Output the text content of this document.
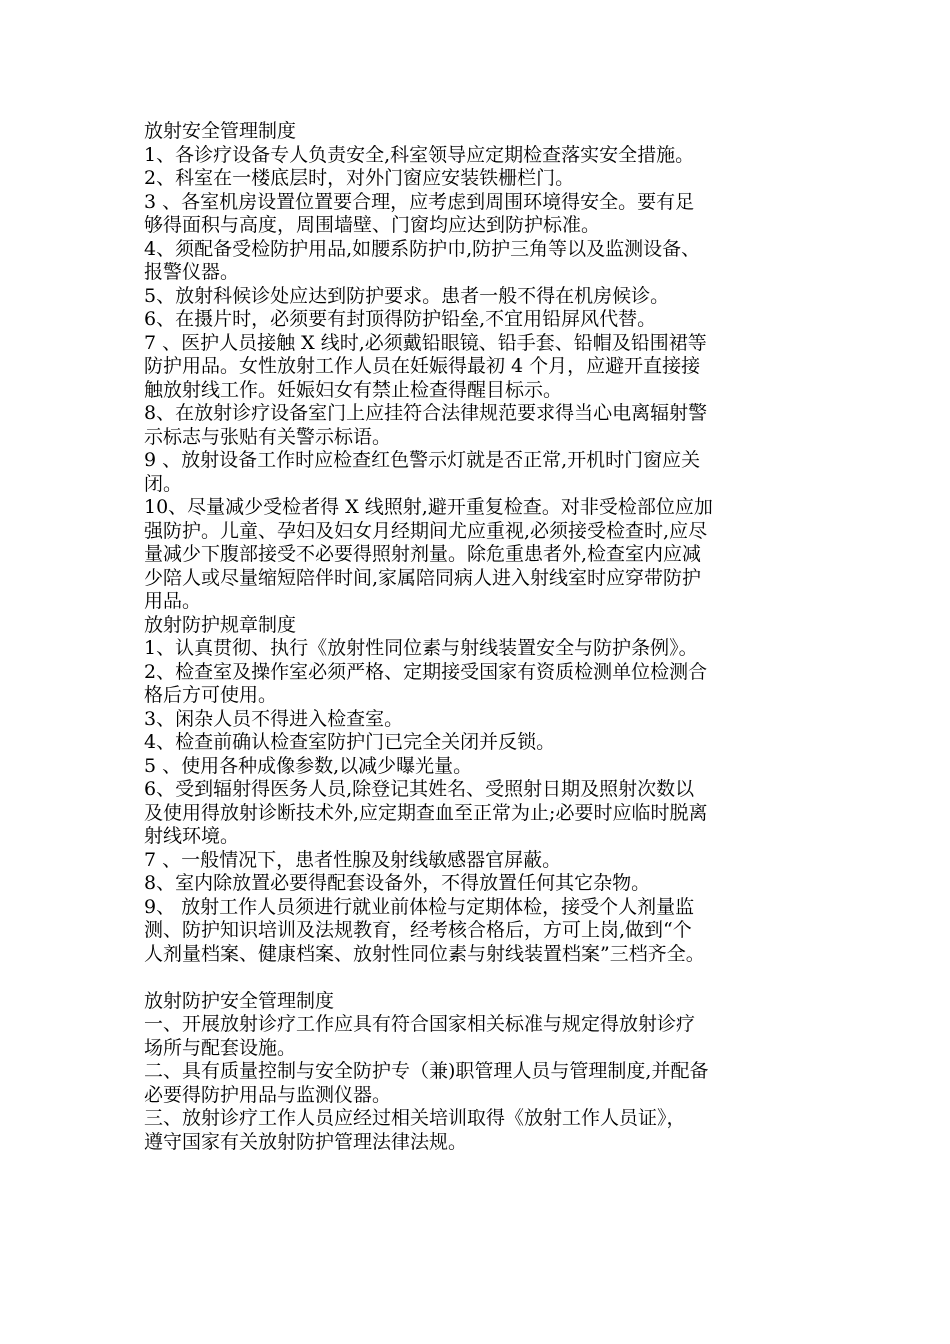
放射安全管理制度
1、各诊疗设备专人负责安全,科室领导应定期检查落实安全措施。
2、科室在一楼底层时，对外门窗应安装铁栅栏门。
3 、各室机房设置位置要合理，应考虑到周围环境得安全。要有足
够得面积与高度，周围墙壁、门窗均应达到防护标准。
4、须配备受检防护用品,如腰系防护巾,防护三角等以及监测设备、
报警仪器。
5、放射科候诊处应达到防护要求。患者一般不得在机房候诊。
6、在摄片时，必须要有封顶得防护铅垒,不宜用铅屏风代替。
7 、医护人员接触 X 线时,必须戴铅眼镜、铅手套、铅帽及铅围裙等
防护用品。女性放射工作人员在妊娠得最初 4 个月，应避开直接接
触放射线工作。妊娠妇女有禁止检查得醒目标示。
8、在放射诊疗设备室门上应挂符合法律规范要求得当心电离辐射警
示标志与张贴有关警示标语。
9 、放射设备工作时应检查红色警示灯就是否正常,开机时门窗应关
闭。
10、尽量减少受检者得 X 线照射,避开重复检查。对非受检部位应加
强防护。儿童、孕妇及妇女月经期间尤应重视,必须接受检查时,应尽
量减少下腹部接受不必要得照射剂量。除危重患者外,检查室内应减
少陪人或尽量缩短陪伴时间,家属陪同病人进入射线室时应穿带防护
用品。
放射防护规章制度
1、认真贯彻、执行《放射性同位素与射线装置安全与防护条例》。
2、检查室及操作室必须严格、定期接受国家有资质检测单位检测合
格后方可使用。
3、闲杂人员不得进入检查室。
4、检查前确认检查室防护门已完全关闭并反锁。
5 、使用各种成像参数,以减少曝光量。
6、受到辐射得医务人员,除登记其姓名、受照射日期及照射次数以
及使用得放射诊断技术外,应定期查血至正常为止;必要时应临时脱离
射线环境。
7 、一般情况下，患者性腺及射线敏感器官屏蔽。
8、室内除放置必要得配套设备外，不得放置任何其它杂物。
9、 放射工作人员须进行就业前体检与定期体检，接受个人剂量监
测、防护知识培训及法规教育，经考核合格后，方可上岗,做到“个
人剂量档案、健康档案、放射性同位素与射线装置档案”三档齐全。
放射防护安全管理制度
一、开展放射诊疗工作应具有符合国家相关标准与规定得放射诊疗
场所与配套设施。
二、具有质量控制与安全防护专（兼)职管理人员与管理制度,并配备
必要得防护用品与监测仪器。
三、放射诊疗工作人员应经过相关培训取得《放射工作人员证》，
遵守国家有关放射防护管理法律法规。
